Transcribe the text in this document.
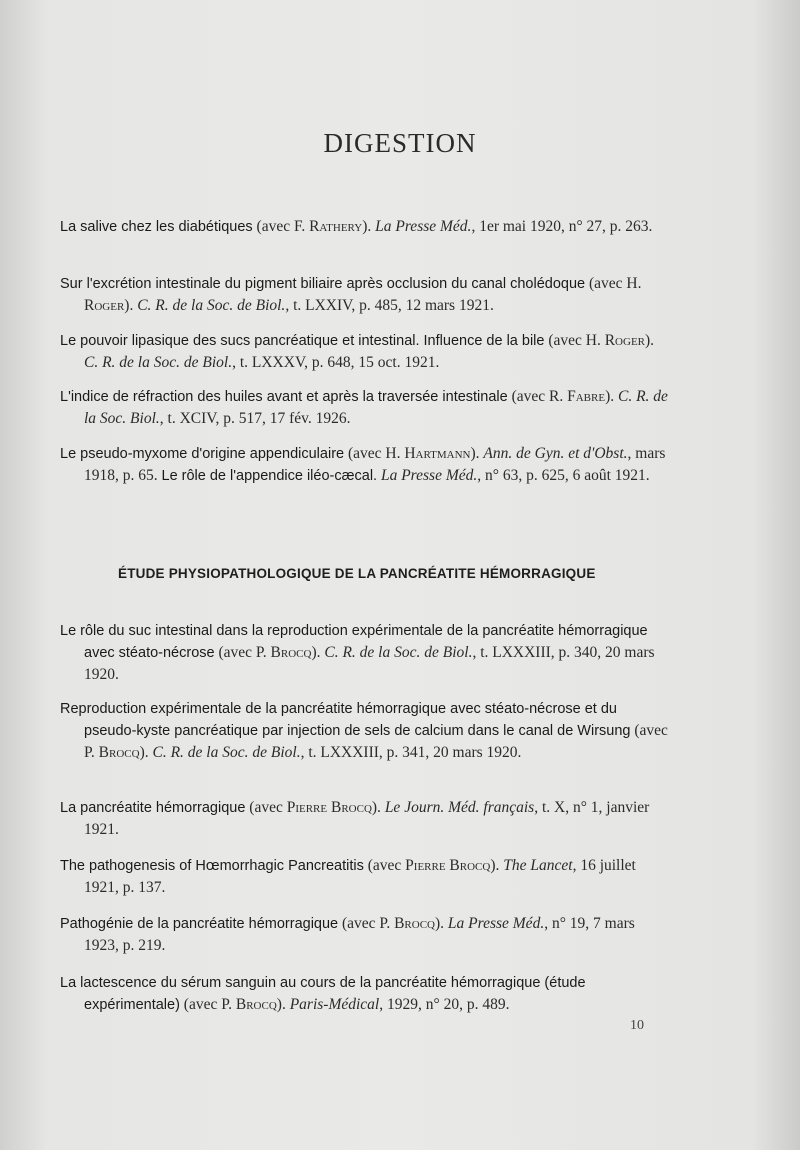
DIGESTION
La salive chez les diabétiques (avec F. Rathery). La Presse Méd., 1er mai 1920, n° 27, p. 263.
Sur l'excrétion intestinale du pigment biliaire après occlusion du canal cholédoque (avec H. Roger). C. R. de la Soc. de Biol., t. LXXIV, p. 485, 12 mars 1921.
Le pouvoir lipasique des sucs pancréatique et intestinal. Influence de la bile (avec H. Roger). C. R. de la Soc. de Biol., t. LXXXV, p. 648, 15 oct. 1921.
L'indice de réfraction des huiles avant et après la traversée intestinale (avec R. Fabre). C. R. de la Soc. Biol., t. XCIV, p. 517, 17 fév. 1926.
Le pseudo-myxome d'origine appendiculaire (avec H. Hartmann). Ann. de Gyn. et d'Obst., mars 1918, p. 65. Le rôle de l'appendice iléo-cæcal. La Presse Méd., n° 63, p. 625, 6 août 1921.
ÉTUDE PHYSIOPATHOLOGIQUE DE LA PANCRÉATITE HÉMORRAGIQUE
Le rôle du suc intestinal dans la reproduction expérimentale de la pancréatite hémorragique avec stéato-nécrose (avec P. Brocq). C. R. de la Soc. de Biol., t. LXXXIII, p. 340, 20 mars 1920.
Reproduction expérimentale de la pancréatite hémorragique avec stéato-nécrose et du pseudo-kyste pancréatique par injection de sels de calcium dans le canal de Wirsung (avec P. Brocq). C. R. de la Soc. de Biol., t. LXXXIII, p. 341, 20 mars 1920.
La pancréatite hémorragique (avec Pierre Brocq). Le Journ. Méd. français, t. X, n° 1, janvier 1921.
The pathogenesis of Hœmorrhagic Pancreatitis (avec Pierre Brocq). The Lancet, 16 juillet 1921, p. 137.
Pathogénie de la pancréatite hémorragique (avec P. Brocq). La Presse Méd., n° 19, 7 mars 1923, p. 219.
La lactescence du sérum sanguin au cours de la pancréatite hémorragique (étude expérimentale) (avec P. Brocq). Paris-Médical, 1929, n° 20, p. 489.
10
